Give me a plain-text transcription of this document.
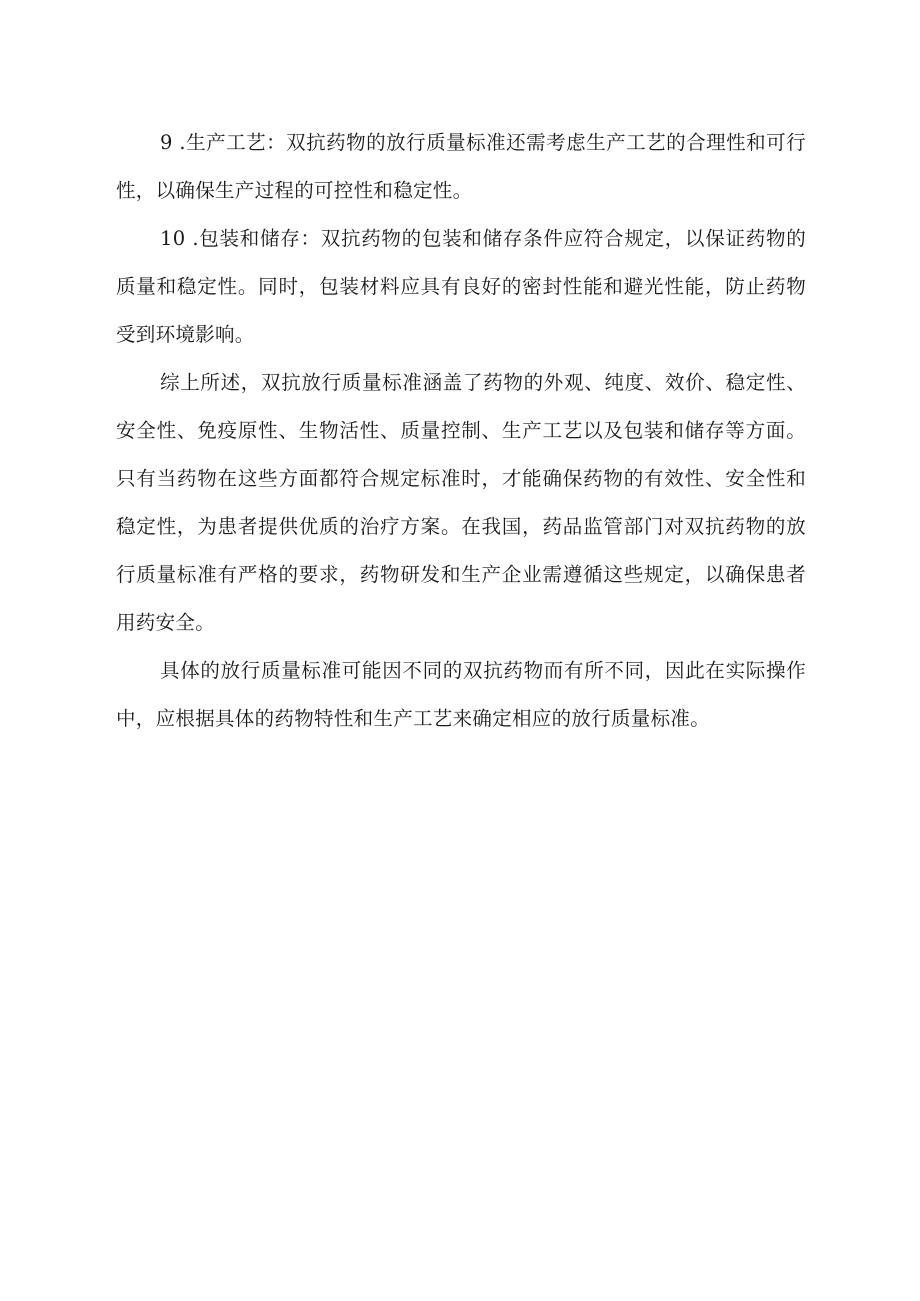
9 .生产工艺：双抗药物的放行质量标准还需考虑生产工艺的合理性和可行性，以确保生产过程的可控性和稳定性。

10 .包装和储存：双抗药物的包装和储存条件应符合规定，以保证药物的质量和稳定性。同时，包装材料应具有良好的密封性能和避光性能，防止药物受到环境影响。

综上所述，双抗放行质量标准涵盖了药物的外观、纯度、效价、稳定性、安全性、免疫原性、生物活性、质量控制、生产工艺以及包装和储存等方面。只有当药物在这些方面都符合规定标准时，才能确保药物的有效性、安全性和稳定性，为患者提供优质的治疗方案。在我国，药品监管部门对双抗药物的放行质量标准有严格的要求，药物研发和生产企业需遵循这些规定，以确保患者用药安全。

具体的放行质量标准可能因不同的双抗药物而有所不同，因此在实际操作中，应根据具体的药物特性和生产工艺来确定相应的放行质量标准。
